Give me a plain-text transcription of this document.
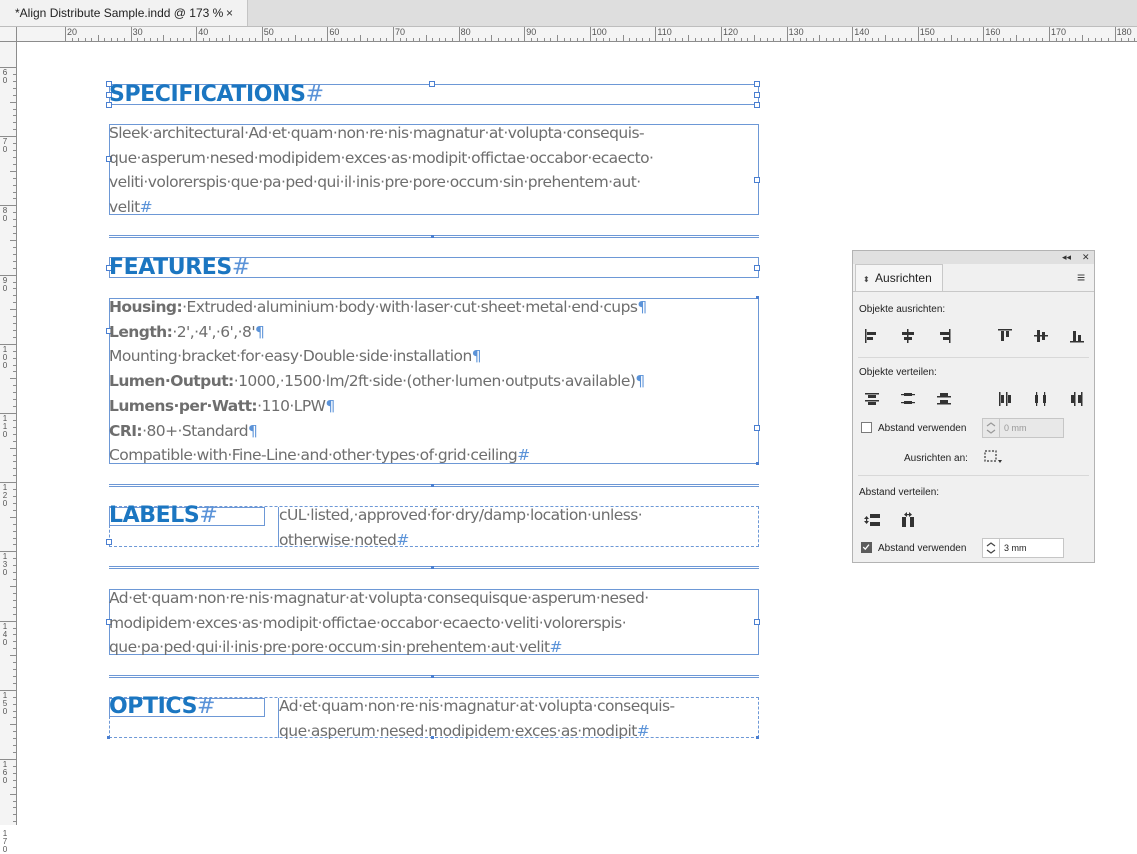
*Align Distribute Sample.indd @ 173 % ×
20	30	40	50	60	70	80	90	100	110	120	130	140	150	160	170	180
6
0
7
0
8
0
9
0
1
0
0
1
1
0
1
2
0
1
3
0
1
4
0
1
5
0
1
6
0
1
7
0
SPECIFICATIONS#
Sleek·architectural·Ad·et·quam·non·re·nis·magnatur·at·volupta·consequis-
que·asperum·nesed·modipidem·exces·as·modipit·offictae·occabor·ecaecto·
veliti·volorerspis·que·pa·ped·qui·il·inis·pre·pore·occum·sin·prehentem·aut·
velit#
FEATURES#
Housing:·Extruded·aluminium·body·with·laser·cut·sheet·metal·end·cups¶
Length:·2',·4',·6',·8'¶
Mounting·bracket·for·easy·Double·side·installation¶
Lumen·Output:·1000,·1500·lm/2ft·side·(other·lumen·outputs·available)¶
Lumens·per·Watt:·110·LPW¶
CRI:·80+·Standard¶
Compatible·with·Fine-Line·and·other·types·of·grid·ceiling#
LABELS#	cUL·listed,·approved·for·dry/damp·location·unless·
otherwise·noted#
Ad·et·quam·non·re·nis·magnatur·at·volupta·consequisque·asperum·nesed·
modipidem·exces·as·modipit·offictae·occabor·ecaecto·veliti·volorerspis·
que·pa·ped·qui·il·inis·pre·pore·occum·sin·prehentem·aut·velit#
OPTICS#	Ad·et·quam·non·re·nis·magnatur·at·volupta·consequis-
que·asperum·nesed·modipidem·exces·as·modipit#
◂◂ ✕
⬍ Ausrichten	≡
Objekte ausrichten:
Objekte verteilen:
Abstand verwenden	0 mm
Ausrichten an:
Abstand verteilen:
Abstand verwenden	3 mm
